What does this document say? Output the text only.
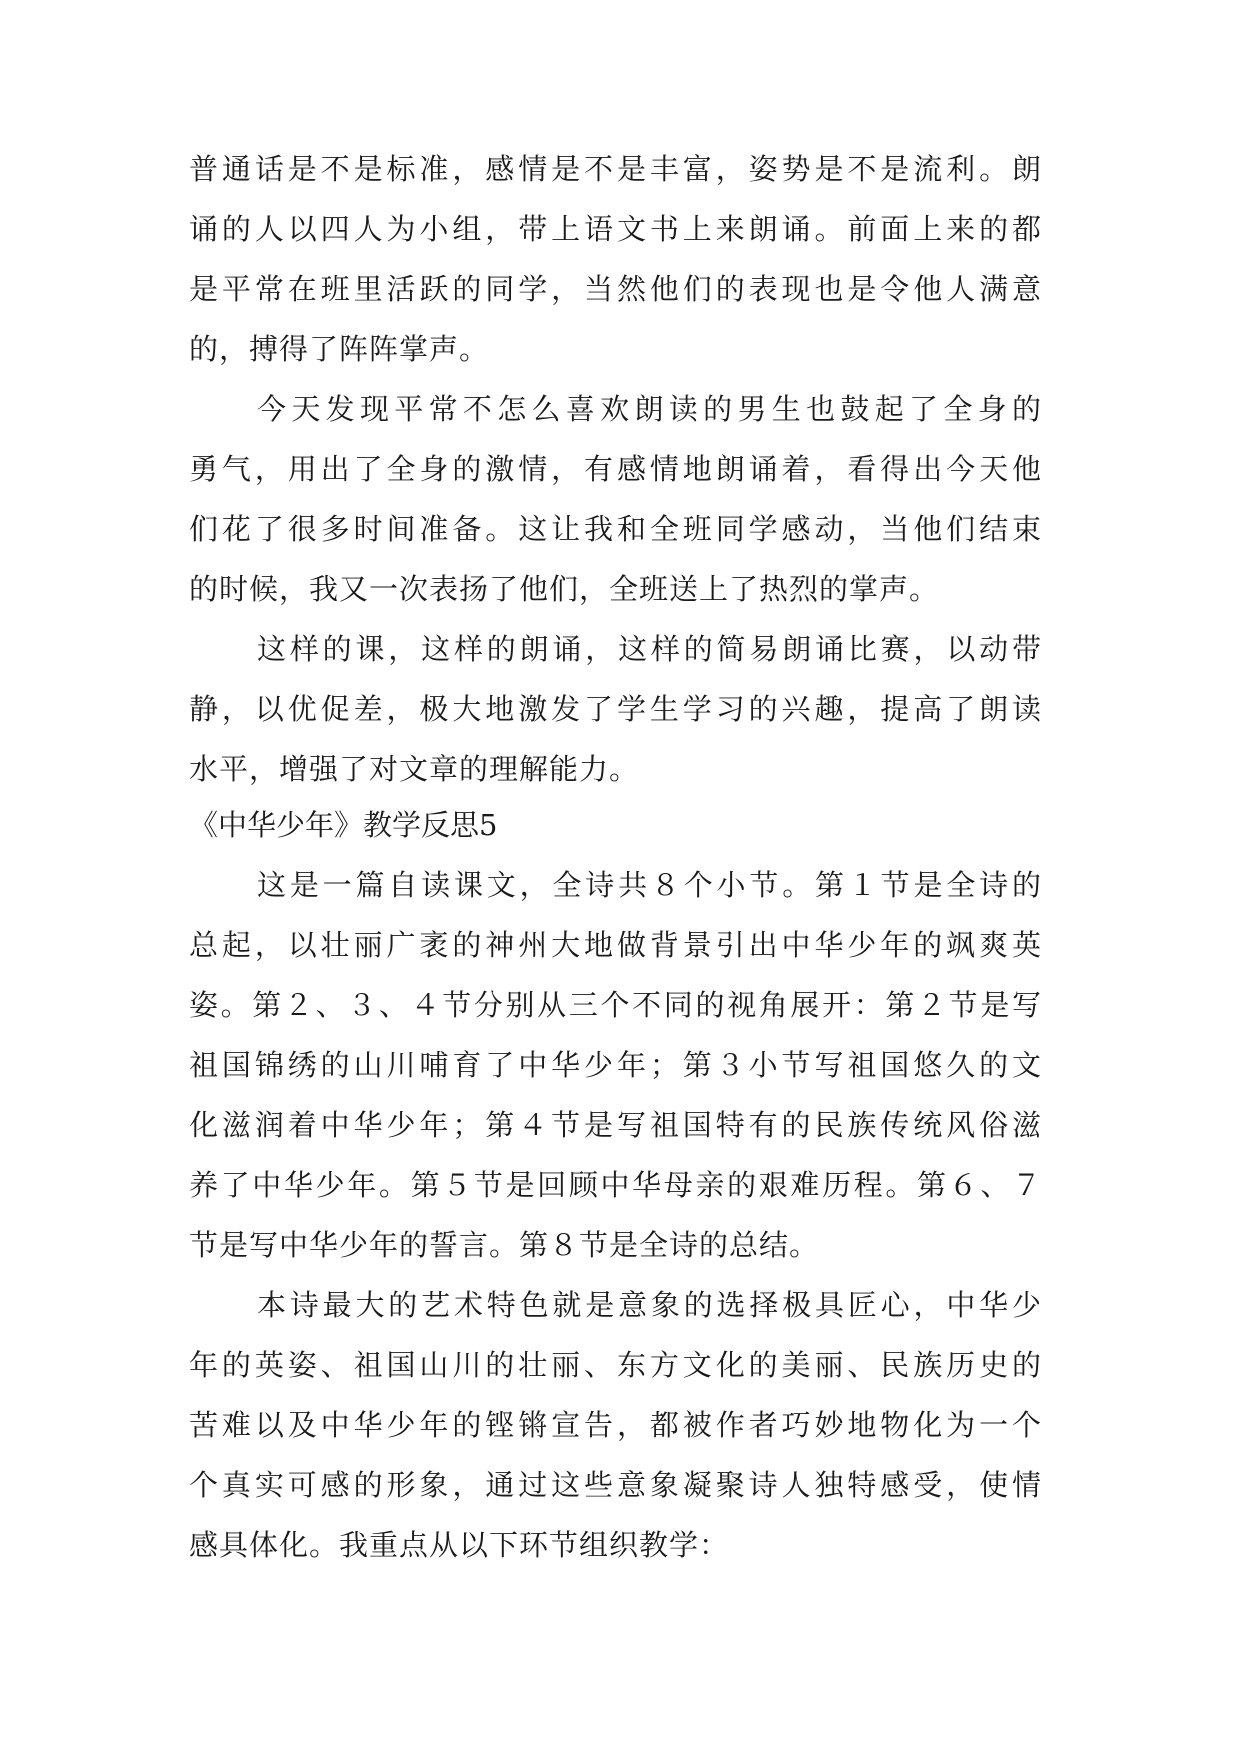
普通话是不是标准，感情是不是丰富，姿势是不是流利。朗
诵的人以四人为小组，带上语文书上来朗诵。前面上来的都
是平常在班里活跃的同学，当然他们的表现也是令他人满意
的，搏得了阵阵掌声。
今天发现平常不怎么喜欢朗读的男生也鼓起了全身的
勇气，用出了全身的激情，有感情地朗诵着，看得出今天他
们花了很多时间准备。这让我和全班同学感动，当他们结束
的时候，我又一次表扬了他们，全班送上了热烈的掌声。
这样的课，这样的朗诵，这样的简易朗诵比赛，以动带
静，以优促差，极大地激发了学生学习的兴趣，提高了朗读
水平，增强了对文章的理解能力。
《中华少年》教学反思5
这是一篇自读课文，全诗共８个小节。第１节是全诗的
总起，以壮丽广袤的神州大地做背景引出中华少年的飒爽英
姿。第２、３、４节分别从三个不同的视角展开：第２节是写
祖国锦绣的山川哺育了中华少年；第３小节写祖国悠久的文
化滋润着中华少年；第４节是写祖国特有的民族传统风俗滋
养了中华少年。第５节是回顾中华母亲的艰难历程。第６、７
节是写中华少年的誓言。第８节是全诗的总结。
本诗最大的艺术特色就是意象的选择极具匠心，中华少
年的英姿、祖国山川的壮丽、东方文化的美丽、民族历史的
苦难以及中华少年的铿锵宣告，都被作者巧妙地物化为一个
个真实可感的形象，通过这些意象凝聚诗人独特感受，使情
感具体化。我重点从以下环节组织教学：
